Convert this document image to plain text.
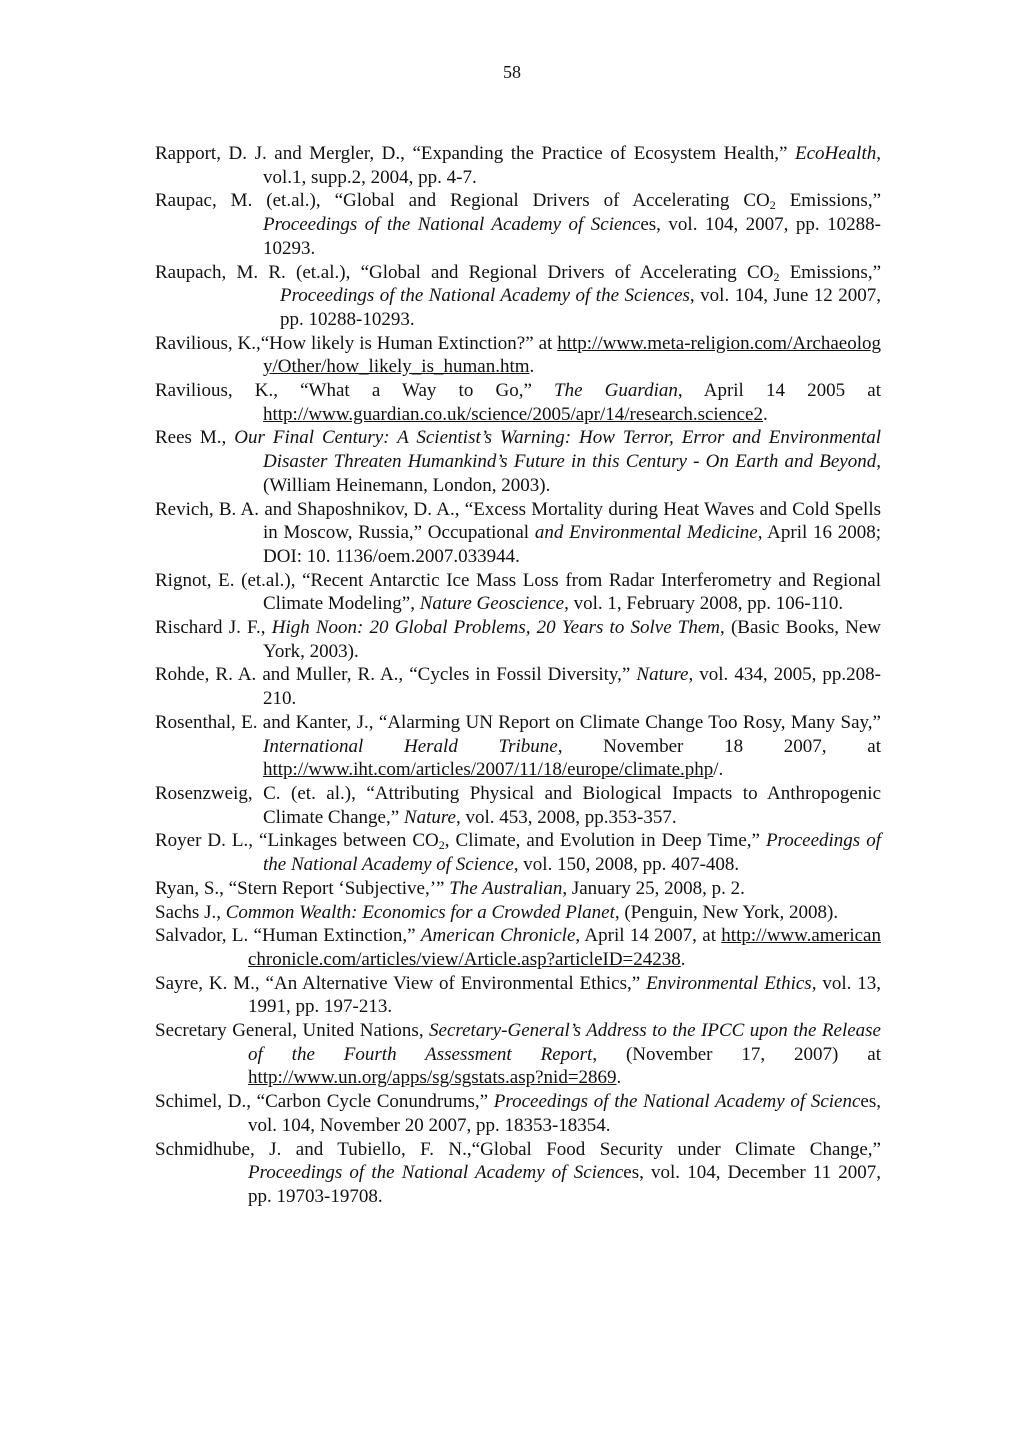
58
Rapport, D. J. and Mergler, D., “Expanding the Practice of Ecosystem Health,” EcoHealth, vol.1, supp.2, 2004, pp. 4-7.
Raupac, M. (et.al.), “Global and Regional Drivers of Accelerating $CO_2$ Emissions,” Proceedings of the National Academy of Sciences, vol. 104, 2007, pp. 10288-10293.
Raupach, M. R. (et.al.), “Global and Regional Drivers of Accelerating $CO_2$ Emissions,” Proceedings of the National Academy of the Sciences, vol. 104, June 12 2007, pp. 10288-10293.
Ravilious, K.,“How likely is Human Extinction?” at http://www.meta-religion.com/Archaeology/Other/how_likely_is_human.htm.
Ravilious, K., “What a Way to Go,” The Guardian, April 14 2005 at http://www.guardian.co.uk/science/2005/apr/14/research.science2.
Rees M., Our Final Century: A Scientist’s Warning: How Terror, Error and Environmental Disaster Threaten Humankind’s Future in this Century - On Earth and Beyond, (William Heinemann, London, 2003).
Revich, B. A. and Shaposhnikov, D. A., “Excess Mortality during Heat Waves and Cold Spells in Moscow, Russia,” Occupational and Environmental Medicine, April 16 2008; DOI: 10. 1136/oem.2007.033944.
Rignot, E. (et.al.), “Recent Antarctic Ice Mass Loss from Radar Interferometry and Regional Climate Modeling”, Nature Geoscience, vol. 1, February 2008, pp. 106-110.
Rischard J. F., High Noon: 20 Global Problems, 20 Years to Solve Them, (Basic Books, New York, 2003).
Rohde, R. A. and Muller, R. A., “Cycles in Fossil Diversity,” Nature, vol. 434, 2005, pp.208-210.
Rosenthal, E. and Kanter, J., “Alarming UN Report on Climate Change Too Rosy, Many Say,” International Herald Tribune, November 18 2007, at http://www.iht.com/articles/2007/11/18/europe/climate.php/.
Rosenzweig, C. (et. al.), “Attributing Physical and Biological Impacts to Anthropogenic Climate Change,” Nature, vol. 453, 2008, pp.353-357.
Royer D. L., “Linkages between $CO_2$, Climate, and Evolution in Deep Time,” Proceedings of the National Academy of Science, vol. 150, 2008, pp. 407-408.
Ryan, S., “Stern Report ‘Subjective,’” The Australian, January 25, 2008, p. 2.
Sachs J., Common Wealth: Economics for a Crowded Planet, (Penguin, New York, 2008).
Salvador, L. “Human Extinction,” American Chronicle, April 14 2007, at http://www.americanchronicle.com/articles/view/Article.asp?articleID=24238.
Sayre, K. M., “An Alternative View of Environmental Ethics,” Environmental Ethics, vol. 13, 1991, pp. 197-213.
Secretary General, United Nations, Secretary-General’s Address to the IPCC upon the Release of the Fourth Assessment Report, (November 17, 2007) at http://www.un.org/apps/sg/sgstats.asp?nid=2869.
Schimel, D., “Carbon Cycle Conundrums,” Proceedings of the National Academy of Sciences, vol. 104, November 20 2007, pp. 18353-18354.
Schmidhube, J. and Tubiello, F. N.,“Global Food Security under Climate Change,” Proceedings of the National Academy of Sciences, vol. 104, December 11 2007, pp. 19703-19708.
